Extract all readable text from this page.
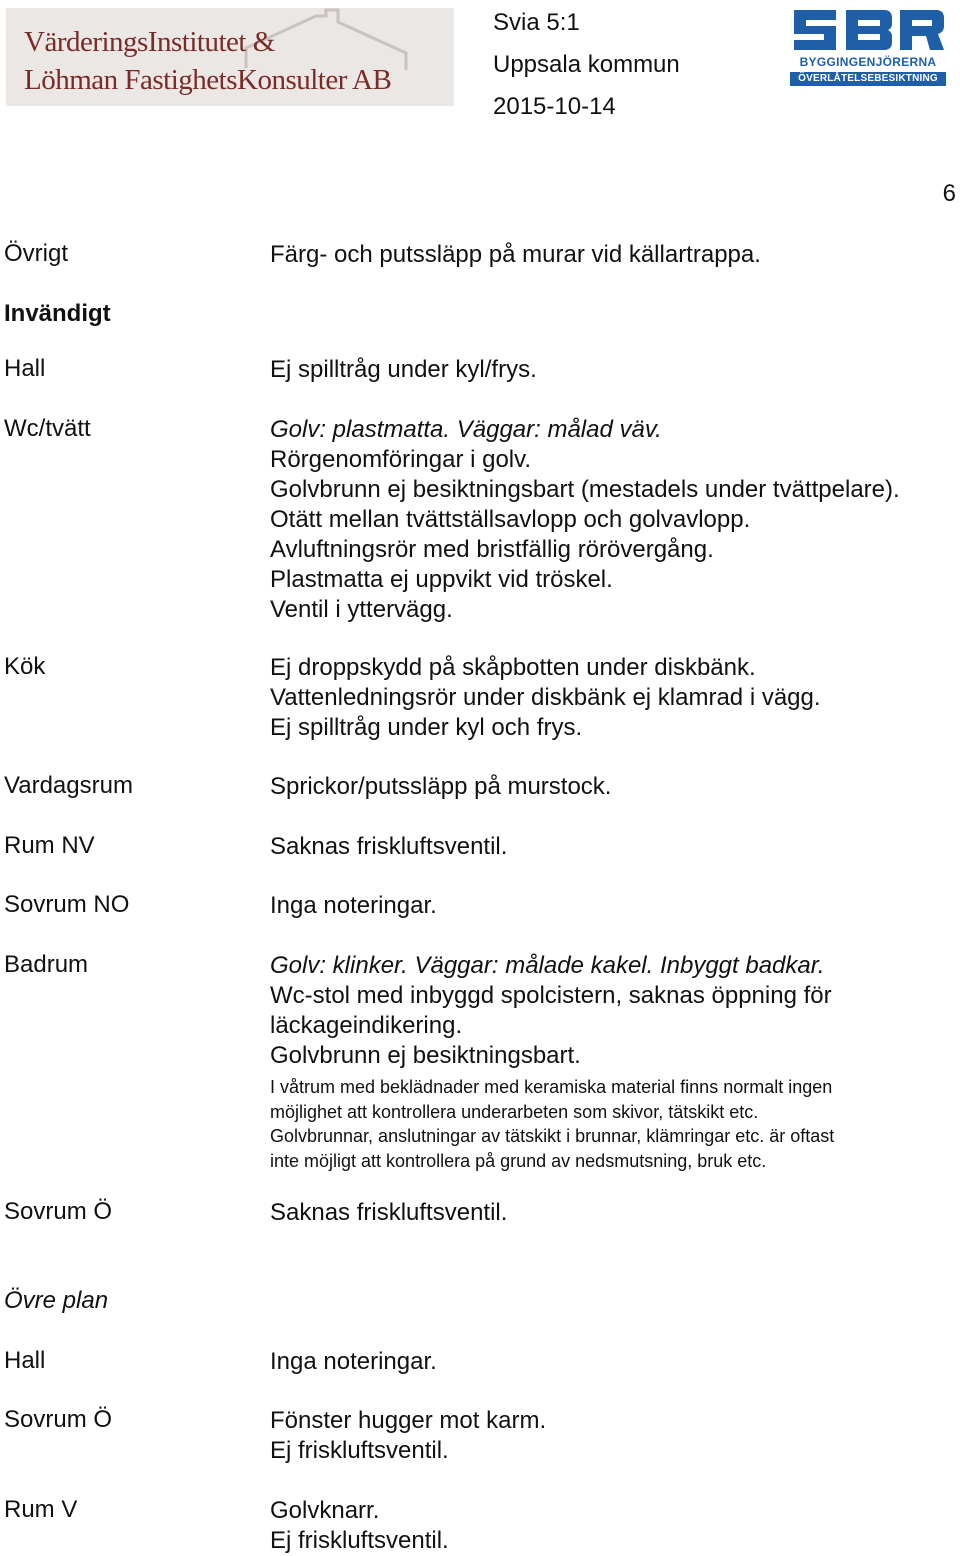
VärderingsInstitutet &
Löhman FastighetsKonsulter AB
Svia 5:1
Uppsala kommun
2015-10-14
BYGGINGENJÖRERNA
ÖVERLÅTELSEBESIKTNING
6
Övrigt	Färg- och putssläpp på murar vid källartrappa.
Invändigt
Hall	Ej spilltråg under kyl/frys.
Wc/tvätt	Golv: plastmatta. Väggar: målad väv.
Rörgenomföringar i golv.
Golvbrunn ej besiktningsbart (mestadels under tvättpelare).
Otätt mellan tvättställsavlopp och golvavlopp.
Avluftningsrör med bristfällig rörövergång.
Plastmatta ej uppvikt vid tröskel.
Ventil i yttervägg.
Kök	Ej droppskydd på skåpbotten under diskbänk.
Vattenledningsrör under diskbänk ej klamrad i vägg.
Ej spilltråg under kyl och frys.
Vardagsrum	Sprickor/putssläpp på murstock.
Rum NV	Saknas friskluftsventil.
Sovrum NO	Inga noteringar.
Badrum	Golv: klinker. Väggar: målade kakel. Inbyggt badkar.
Wc-stol med inbyggd spolcistern, saknas öppning för
läckageindikering.
Golvbrunn ej besiktningsbart.
I våtrum med beklädnader med keramiska material finns normalt ingen
möjlighet att kontrollera underarbeten som skivor, tätskikt etc.
Golvbrunnar, anslutningar av tätskikt i brunnar, klämringar etc. är oftast
inte möjligt att kontrollera på grund av nedsmutsning, bruk etc.
Sovrum Ö	Saknas friskluftsventil.
Övre plan
Hall	Inga noteringar.
Sovrum Ö	Fönster hugger mot karm.
Ej friskluftsventil.
Rum V	Golvknarr.
Ej friskluftsventil.
